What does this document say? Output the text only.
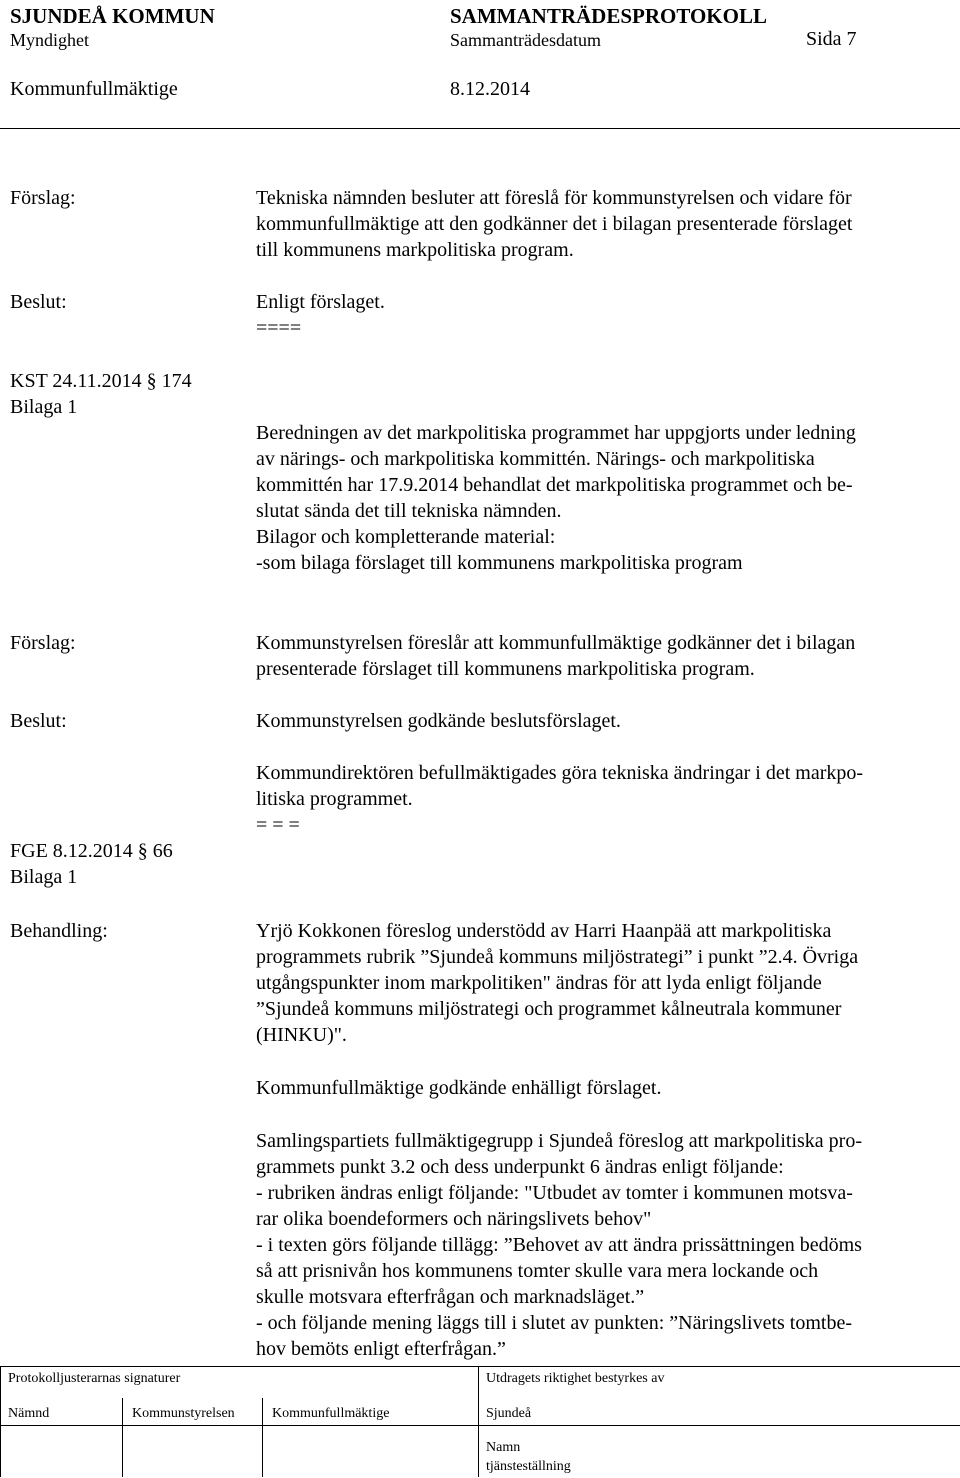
SJUNDEÅ KOMMUN	SAMMANTRÄDESPROTOKOLL
Myndighet	Sammanträdesdatum	Sida 7
Kommunfullmäktige	8.12.2014
Förslag:	Tekniska nämnden besluter att föreslå för kommunstyrelsen och vidare för
kommunfullmäktige att den godkänner det i bilagan presenterade förslaget
till kommunens markpolitiska program.
Beslut:	Enligt förslaget.
====
KST 24.11.2014 § 174
Bilaga 1
Beredningen av det markpolitiska programmet har uppgjorts under ledning
av närings- och markpolitiska kommittén. Närings- och markpolitiska
kommittén har 17.9.2014 behandlat det markpolitiska programmet och be-
slutat sända det till tekniska nämnden.
Bilagor och kompletterande material:
-som bilaga förslaget till kommunens markpolitiska program
Förslag:	Kommunstyrelsen föreslår att kommunfullmäktige godkänner det i bilagan
presenterade förslaget till kommunens markpolitiska program.
Beslut:	Kommunstyrelsen godkände beslutsförslaget.
Kommundirektören befullmäktigades göra tekniska ändringar i det markpo-
litiska programmet.
= = =
FGE 8.12.2014 § 66
Bilaga 1
Behandling:	Yrjö Kokkonen föreslog understödd av Harri Haanpää att markpolitiska
programmets rubrik ”Sjundeå kommuns miljöstrategi” i punkt ”2.4. Övriga
utgångspunkter inom markpolitiken" ändras för att lyda enligt följande
”Sjundeå kommuns miljöstrategi och programmet kålneutrala kommuner
(HINKU)".
Kommunfullmäktige godkände enhälligt förslaget.
Samlingspartiets fullmäktigegrupp i Sjundeå föreslog att markpolitiska pro-
grammets punkt 3.2 och dess underpunkt 6 ändras enligt följande:
- rubriken ändras enligt följande: "Utbudet av tomter i kommunen motsva-
rar olika boendeformers och näringslivets behov"
- i texten görs följande tillägg: ”Behovet av att ändra prissättningen bedöms
så att prisnivån hos kommunens tomter skulle vara mera lockande och
skulle motsvara efterfrågan och marknadsläget.”
- och följande mening läggs till i slutet av punkten: ”Näringslivets tomtbe-
hov bemöts enligt efterfrågan.”
Protokolljusterarnas signaturer	Utdragets riktighet bestyrkes av
Nämnd	Kommunstyrelsen	Kommunfullmäktige	Sjundeå
Namn
tjänsteställning
